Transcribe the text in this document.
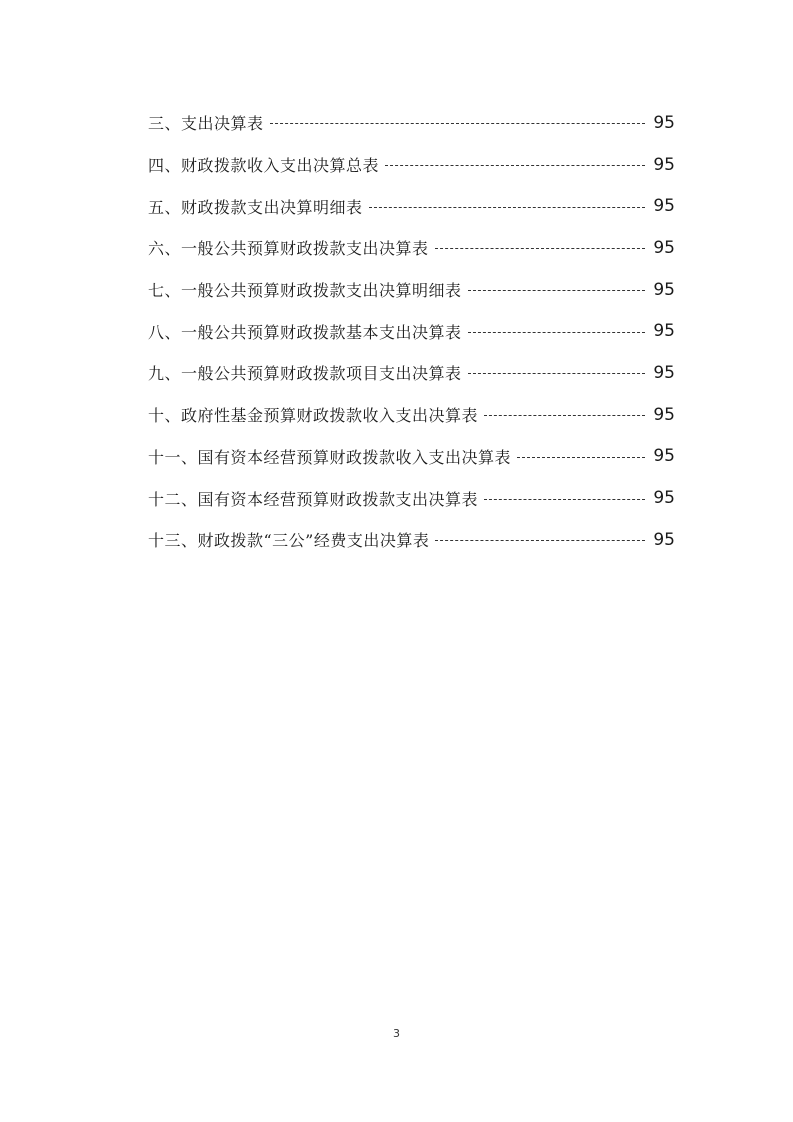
三、支出决算表	95
四、财政拨款收入支出决算总表	95
五、财政拨款支出决算明细表	95
六、一般公共预算财政拨款支出决算表	95
七、一般公共预算财政拨款支出决算明细表	95
八、一般公共预算财政拨款基本支出决算表	95
九、一般公共预算财政拨款项目支出决算表	95
十、政府性基金预算财政拨款收入支出决算表	95
十一、国有资本经营预算财政拨款收入支出决算表	95
十二、国有资本经营预算财政拨款支出决算表	95
十三、财政拨款“三公”经费支出决算表	95
3
